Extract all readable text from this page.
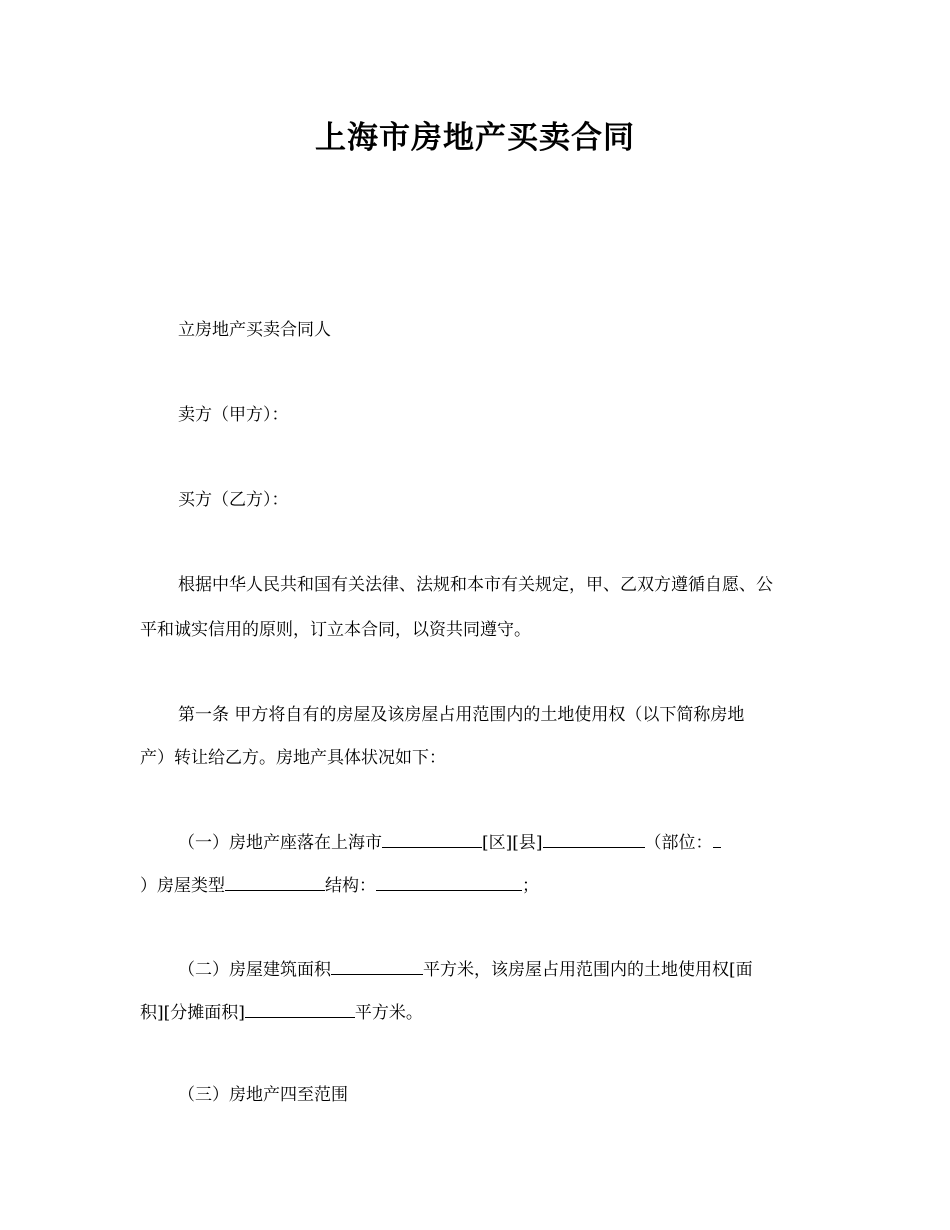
上海市房地产买卖合同
立房地产买卖合同人
卖方（甲方）：
买方（乙方）：
根据中华人民共和国有关法律、法规和本市有关规定，甲、乙双方遵循自愿、公
平和诚实信用的原则，订立本合同，以资共同遵守。
第一条 甲方将自有的房屋及该房屋占用范围内的土地使用权（以下简称房地
产）转让给乙方。房地产具体状况如下：
（一）房地产座落在上海市	[区][县]	（部位：
）房屋类型	结构：	；
（二）房屋建筑面积	平方米，该房屋占用范围内的土地使用权[面
积][分摊面积]	平方米。
（三）房地产四至范围
